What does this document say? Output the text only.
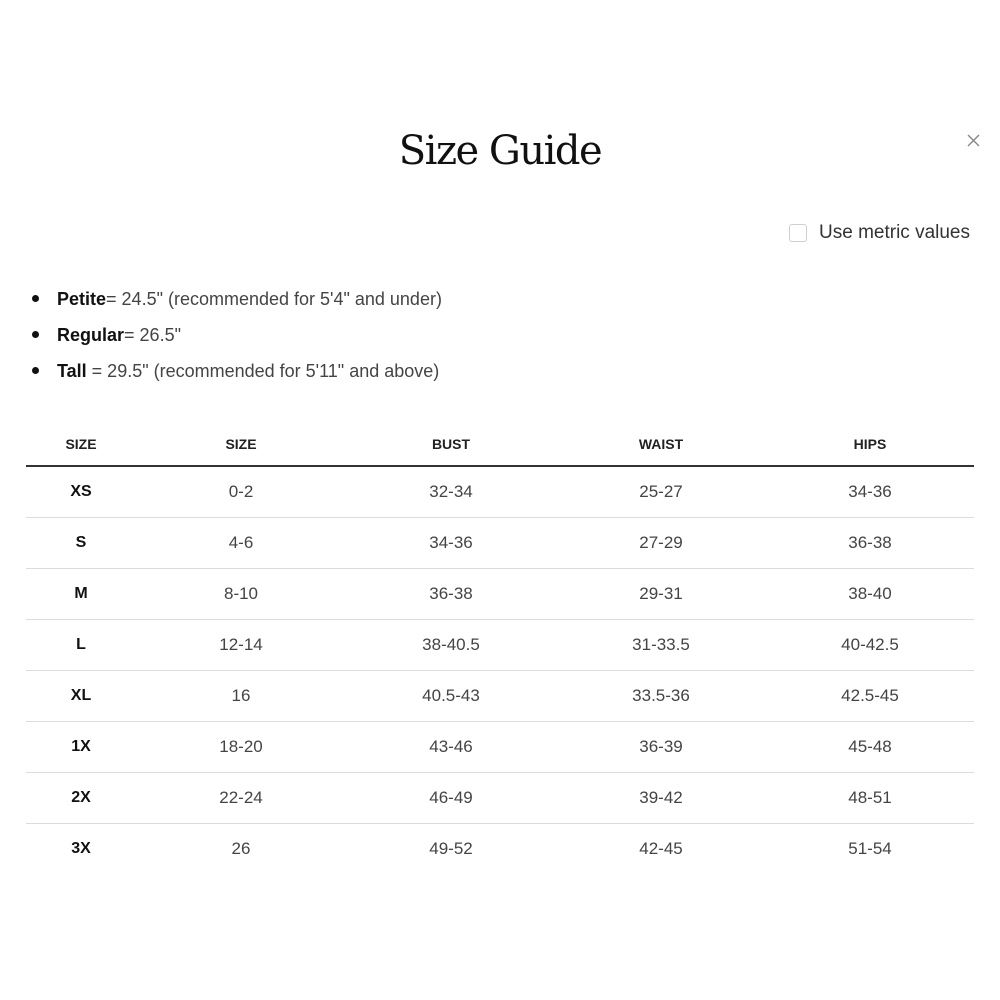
Size Guide
Use metric values
Petite= 24.5" (recommended for 5'4" and under)
Regular= 26.5"
Tall = 29.5" (recommended for 5'11" and above)
SIZE	SIZE	BUST	WAIST	HIPS
XS	0-2	32-34	25-27	34-36
S	4-6	34-36	27-29	36-38
M	8-10	36-38	29-31	38-40
L	12-14	38-40.5	31-33.5	40-42.5
XL	16	40.5-43	33.5-36	42.5-45
1X	18-20	43-46	36-39	45-48
2X	22-24	46-49	39-42	48-51
3X	26	49-52	42-45	51-54
